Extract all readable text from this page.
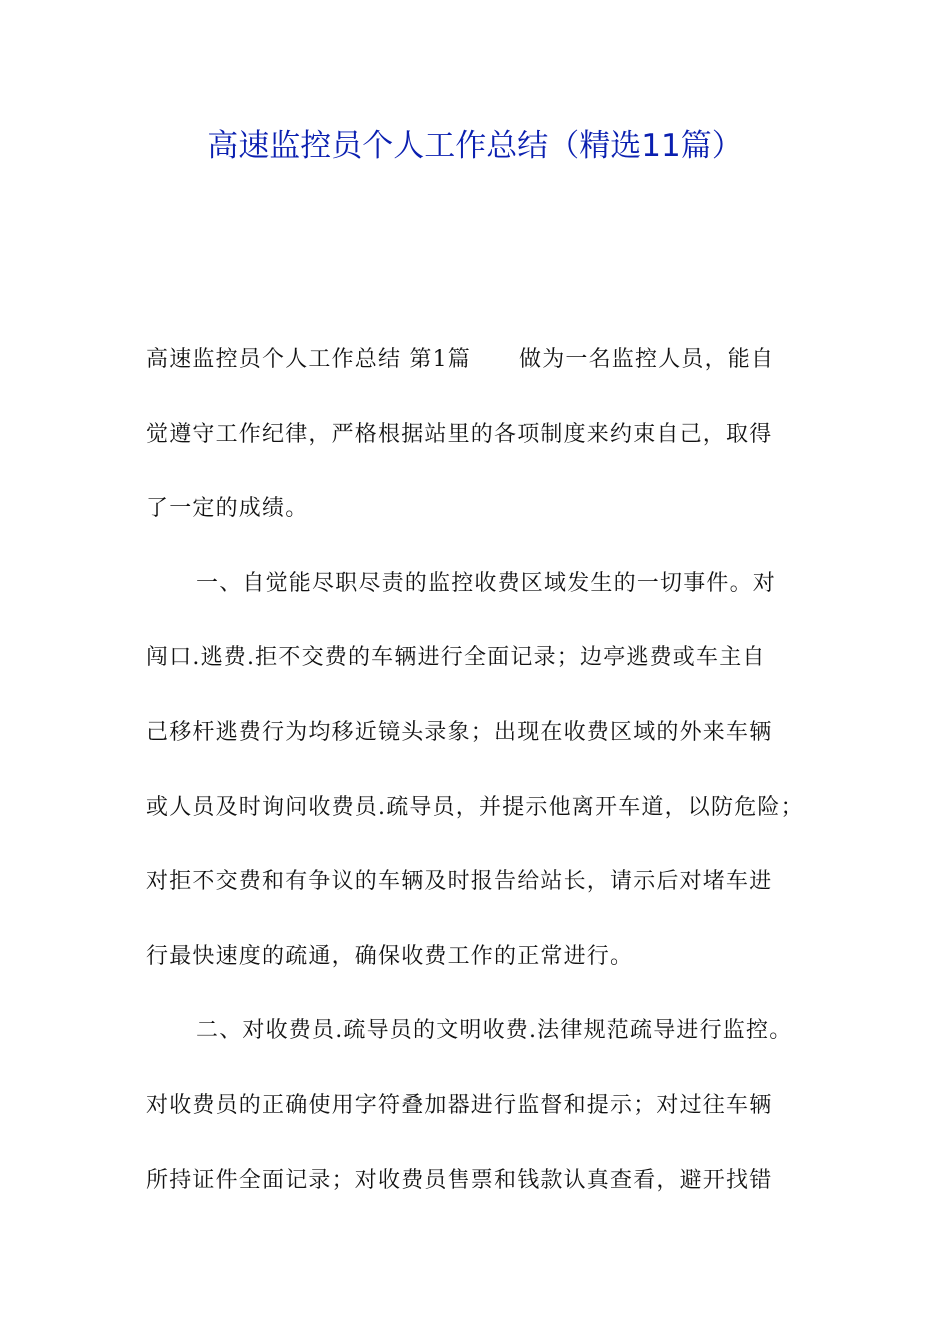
高速监控员个人工作总结（精选11篇）
高速监控员个人工作总结 第1篇 做为一名监控人员，能自
觉遵守工作纪律，严格根据站里的各项制度来约束自己，取得
了一定的成绩。
一、自觉能尽职尽责的监控收费区域发生的一切事件。对
闯口.逃费.拒不交费的车辆进行全面记录；边亭逃费或车主自
己移杆逃费行为均移近镜头录象；出现在收费区域的外来车辆
或人员及时询问收费员.疏导员，并提示他离开车道，以防危险；
对拒不交费和有争议的车辆及时报告给站长，请示后对堵车进
行最快速度的疏通，确保收费工作的正常进行。
二、对收费员.疏导员的文明收费.法律规范疏导进行监控。
对收费员的正确使用字符叠加器进行监督和提示；对过往车辆
所持证件全面记录；对收费员售票和钱款认真查看，避开找错
